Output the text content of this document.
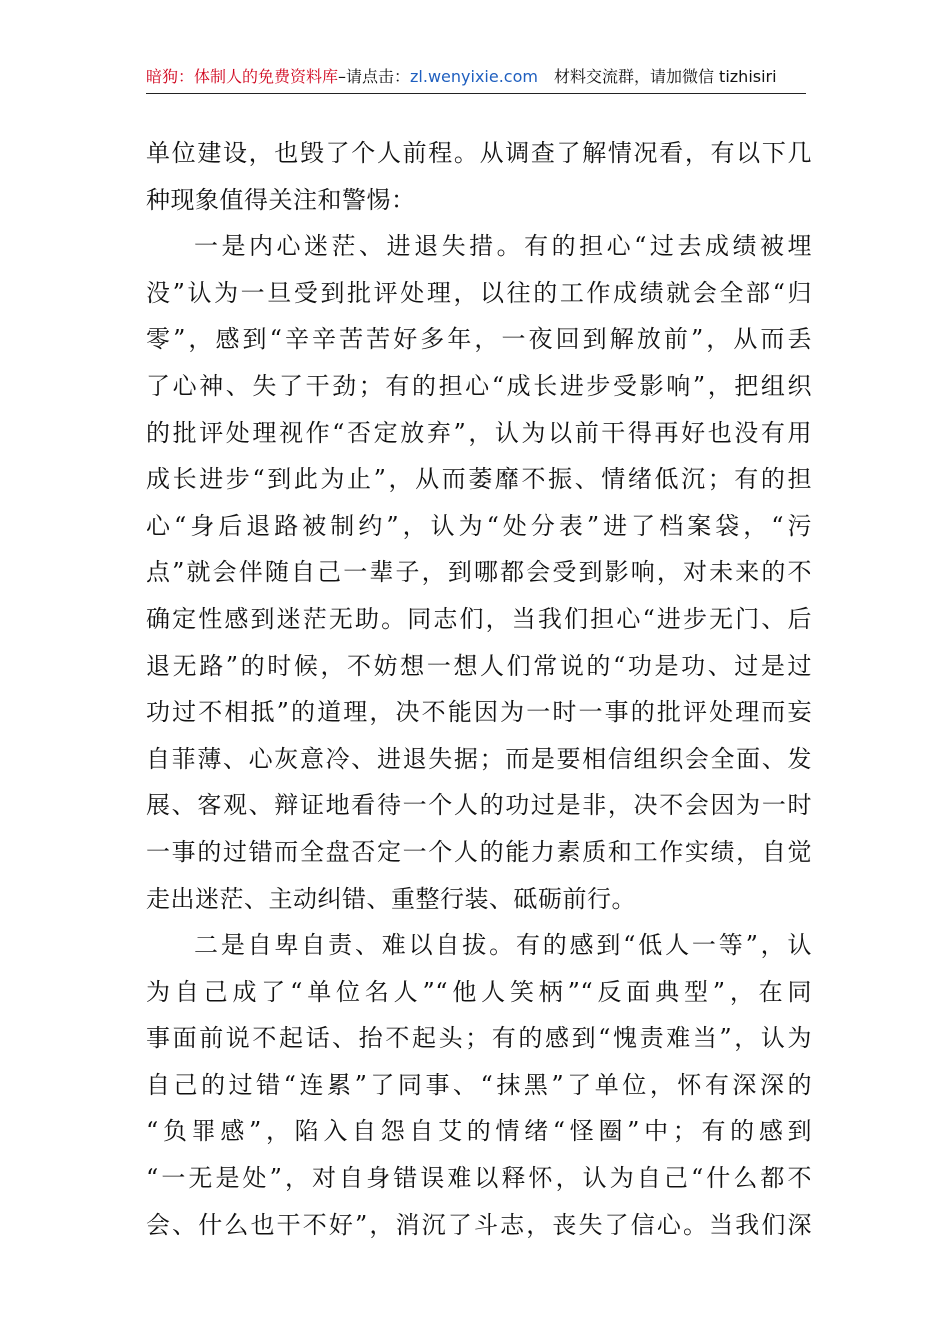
暗狗：体制人的免费资料库–请点击：zl.wenyixie.com 材料交流群，请加微信 tizhisiri
单位建设，也毁了个人前程。从调查了解情况看，有以下几
种现象值得关注和警惕：
一是内心迷茫、进退失措。有的担心“过去成绩被埋
没”认为一旦受到批评处理，以往的工作成绩就会全部“归
零”，感到“辛辛苦苦好多年，一夜回到解放前”，从而丢
了心神、失了干劲；有的担心“成长进步受影响”，把组织
的批评处理视作“否定放弃”，认为以前干得再好也没有用
成长进步“到此为止”，从而萎靡不振、情绪低沉；有的担
心“身后退路被制约”，认为“处分表”进了档案袋，“污
点”就会伴随自己一辈子，到哪都会受到影响，对未来的不
确定性感到迷茫无助。同志们，当我们担心“进步无门、后
退无路”的时候，不妨想一想人们常说的“功是功、过是过
功过不相抵”的道理，决不能因为一时一事的批评处理而妄
自菲薄、心灰意冷、进退失据；而是要相信组织会全面、发
展、客观、辩证地看待一个人的功过是非，决不会因为一时
一事的过错而全盘否定一个人的能力素质和工作实绩，自觉
走出迷茫、主动纠错、重整行装、砥砺前行。
二是自卑自责、难以自拔。有的感到“低人一等”，认
为自己成了“单位名人”“他人笑柄”“反面典型”，在同
事面前说不起话、抬不起头；有的感到“愧责难当”，认为
自己的过错“连累”了同事、“抹黑”了单位，怀有深深的
“负罪感”，陷入自怨自艾的情绪“怪圈”中；有的感到
“一无是处”，对自身错误难以释怀，认为自己“什么都不
会、什么也干不好”，消沉了斗志，丧失了信心。当我们深
